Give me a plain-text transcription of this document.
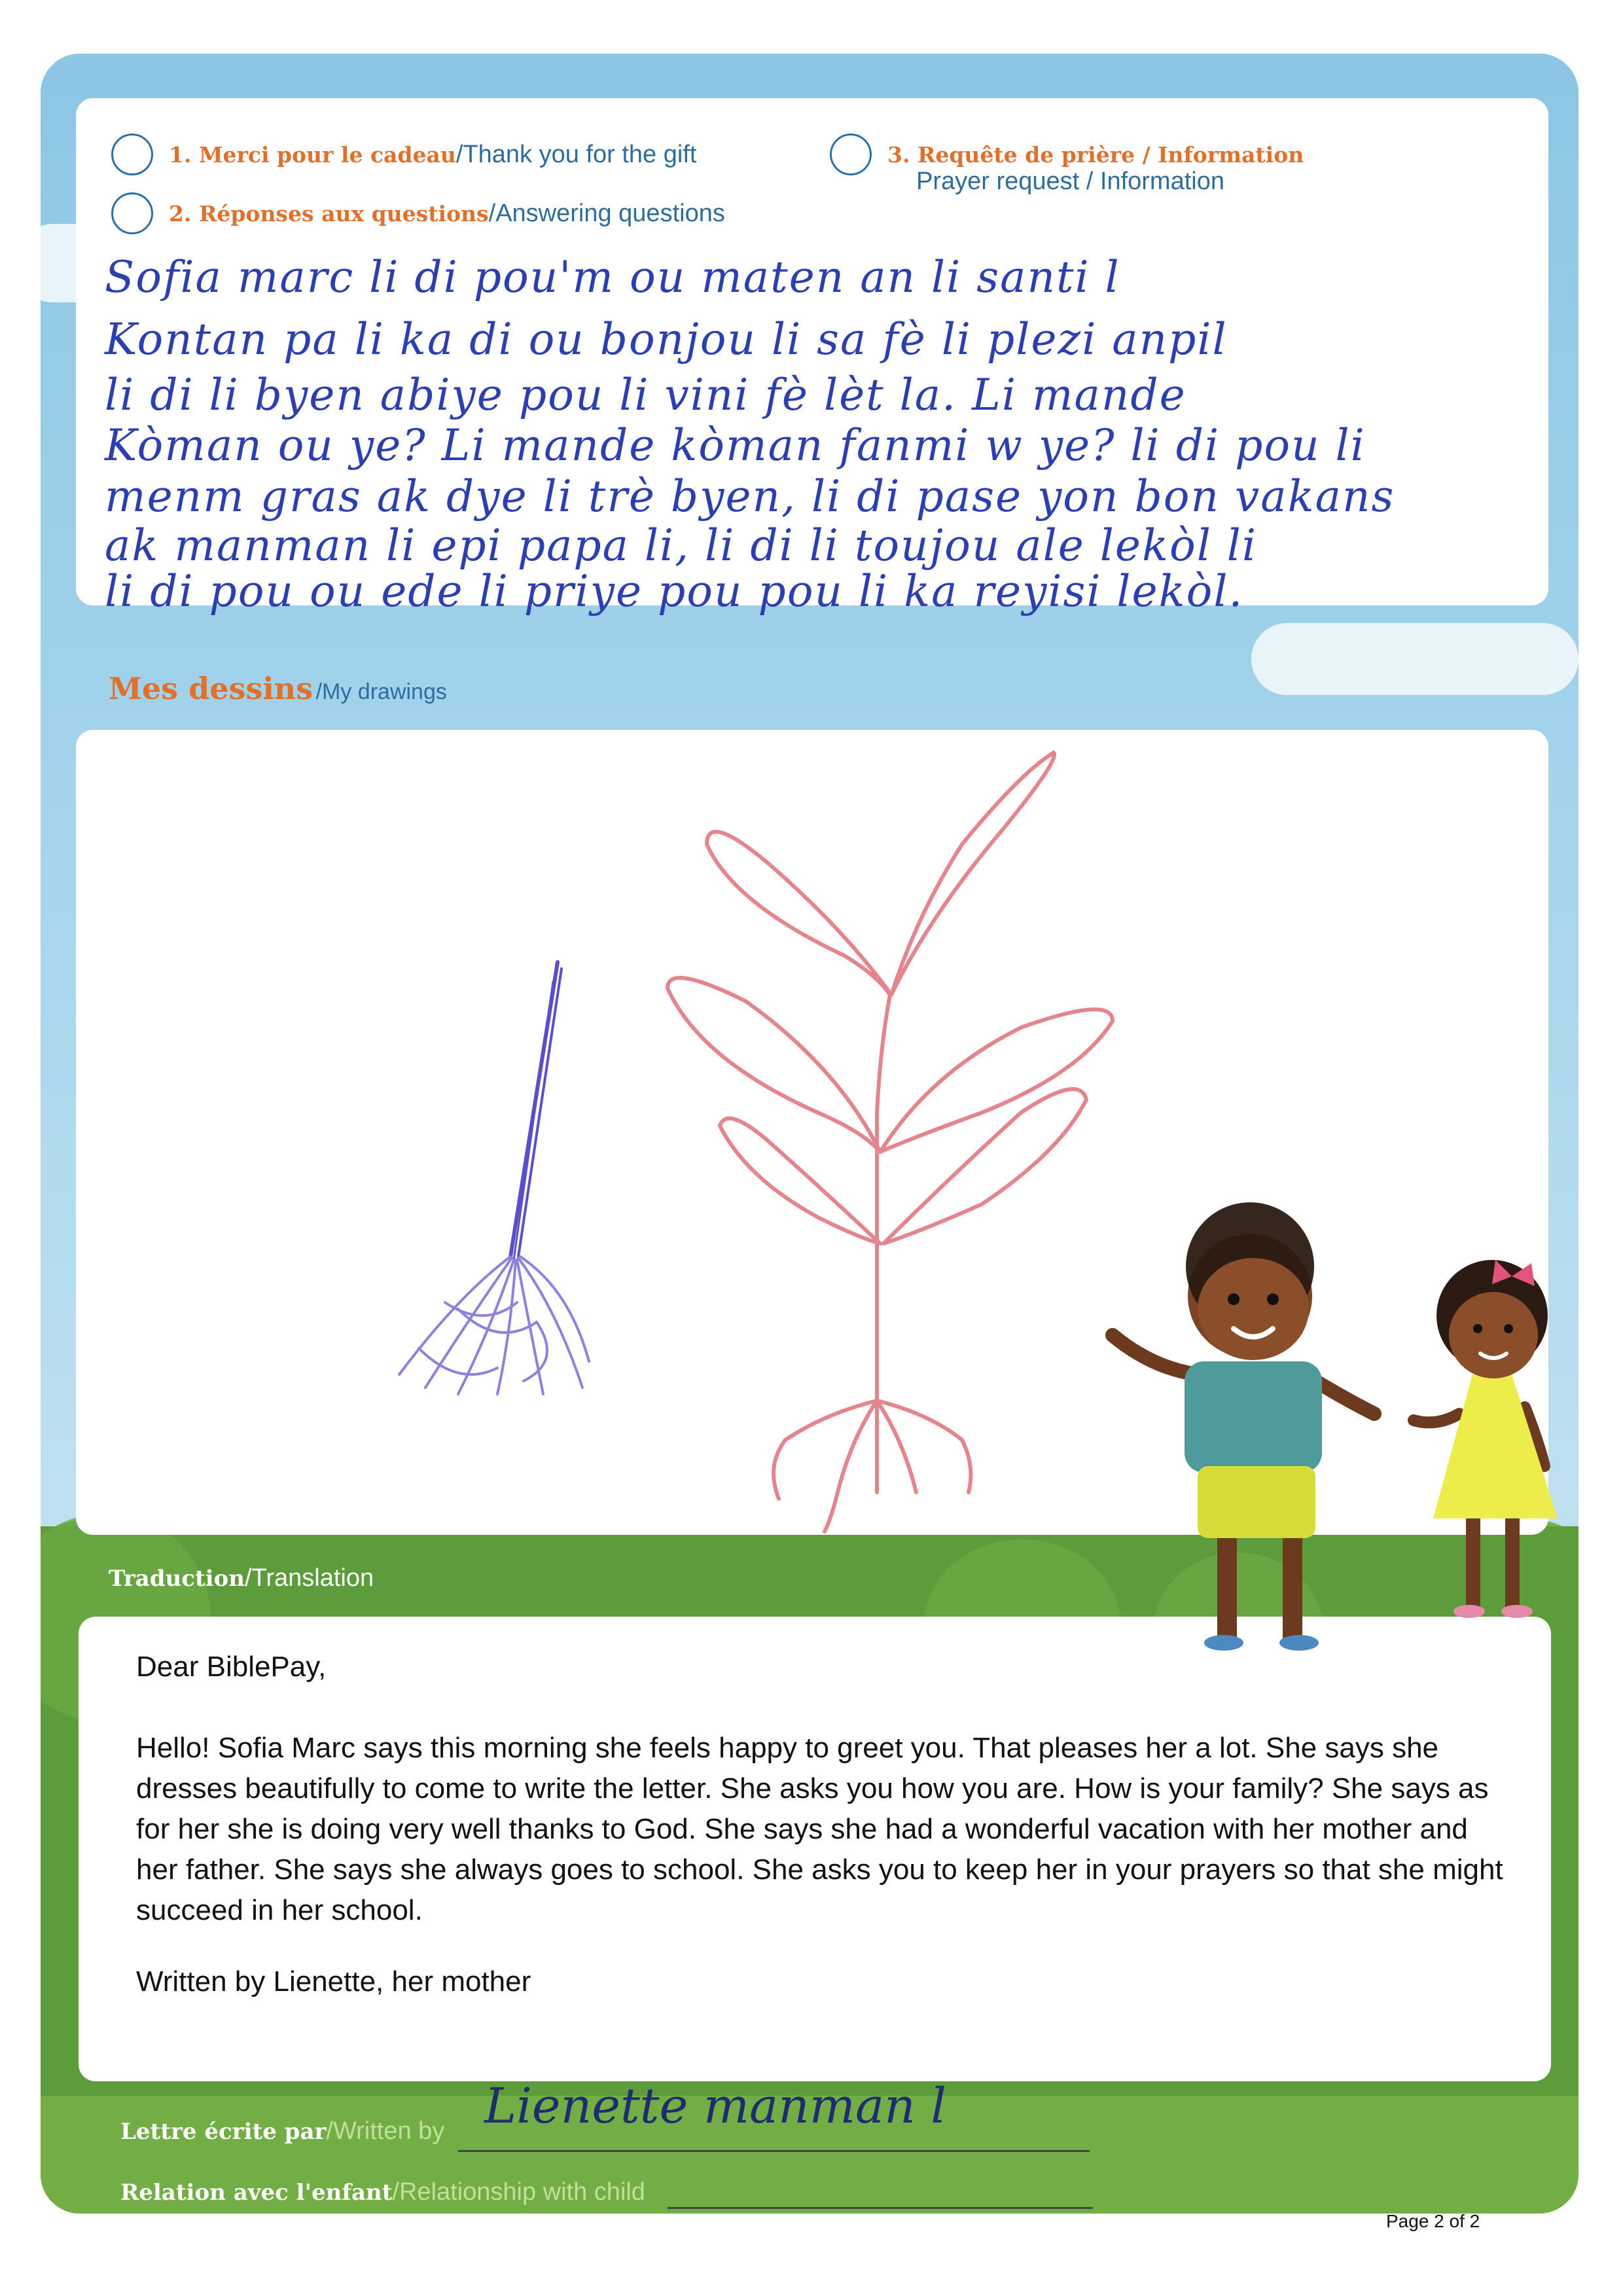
1. Merci pour le cadeau / Thank you for the gift
2. Réponses aux questions / Answering questions
3. Requête de prière / Information
Prayer request / Information
Sofia marc li di pou'm ou maten an li santi l
Kontan pa li ka di ou bonjou li sa fè li plezi anpil
li di li byen abiye pou li vini fè lèt la. Li mande
Kòman ou ye? Li mande kòman fanmi w ye? li di pou li
menm gras ak dye li trè byen, li di pase yon bon vakans
ak manman li epi papa li, li di li toujou ale lekòl li
li di pou ou ede li priye pou pou li ka reyisi lekòl.
Mes dessins /My drawings
Traduction/Translation
Dear BiblePay,
Hello! Sofia Marc says this morning she feels happy to greet you. That pleases her a lot. She says she dresses beautifully to come to write the letter. She asks you how you are. How is your family? She says as for her she is doing very well thanks to God. She says she had a wonderful vacation with her mother and her father. She says she always goes to school. She asks you to keep her in your prayers so that she might succeed in her school.
Written by Lienette, her mother
Lettre écrite par/Written by Lienette manman l
Relation avec l'enfant/Relationship with child
Page 2 of 2
